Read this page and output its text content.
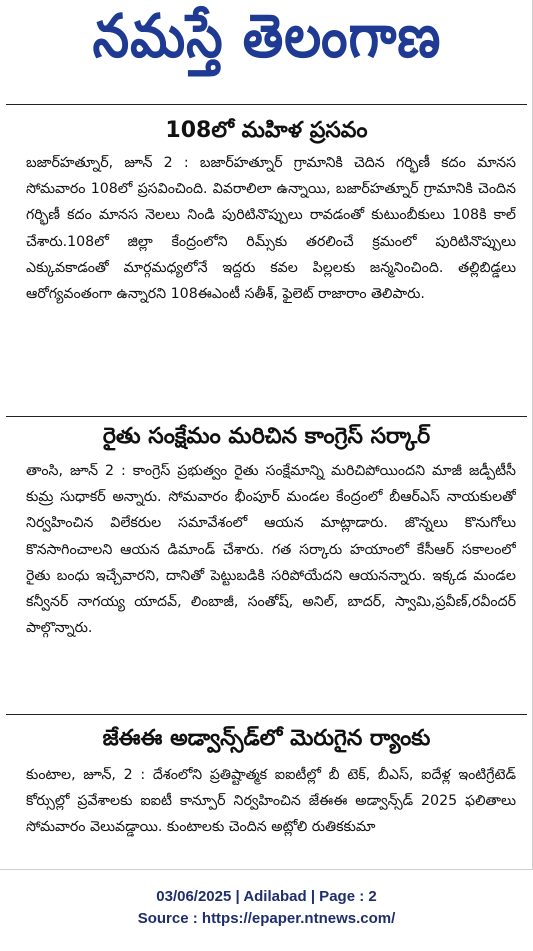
నమస్తే తెలంగాణ
108లో మహిళ ప్రసవం

బజార్‌హత్నూర్, జూన్ 2 : బజార్‌హత్నూర్ గ్రామానికి చెదిన గర్భిణీ కదం మానస సోమవారం 108లో ప్రసవించింది. వివరాలిలా ఉన్నాయి, బజార్‌హత్నూర్ గ్రామానికి చెందిన గర్భిణీ కదం మానస నెలలు నిండి పురిటినొప్పులు రావడంతో కుటుంబీకులు 108కి కాల్ చేశారు.108లో జిల్లా కేంద్రంలోని రిమ్స్‌కు తరలించే క్రమంలో పురిటినొప్పులు ఎక్కువకాడంతో మార్గమధ్యలోనే ఇద్దరు కవల పిల్లలకు జన్మనించింది. తల్లిబిడ్డలు ఆరోగ్యవంతంగా ఉన్నారని 108ఈఎంటీ సతీశ్, ఫైలెట్ రాజారాం తెలిపారు.

రైతు సంక్షేమం మరిచిన కాంగ్రెస్ సర్కార్

తాంసి, జూన్ 2 : కాంగ్రెస్ ప్రభుత్వం రైతు సంక్షేమాన్ని మరిచిపోయిందని మాజీ జడ్పీటీసీ కుమ్ర సుధాకర్ అన్నారు. సోమవారం భీంపూర్ మండల కేంద్రంలో బీఆర్ఎస్ నాయకులతో నిర్వహించిన విలేకరుల సమావేశంలో ఆయన మాట్లాడారు. జొన్నలు కొనుగోలు కొనసాగించాలని ఆయన డిమాండ్ చేశారు. గత సర్కారు హయాంలో కేసీఆర్ సకాలంలో రైతు బంధు ఇచ్చేవారని, దానితో పెట్టుబడికి సరిపోయేదని ఆయనన్నారు. ఇక్కడ మండల కన్వీనర్ నాగయ్య యాదవ్, లింబాజీ, సంతోష్, అనిల్, బాదర్, స్వామి,ప్రవీణ్,రవీందర్ పాల్గొన్నారు.

జేఈఈ అడ్వాన్స్‌డ్‌లో మెరుగైన ర్యాంకు

కుంటాల, జూన్, 2 : దేశంలోని ప్రతిష్టాత్మక ఐఐటీల్లో బీ టెక్, బీఎస్, ఐదేళ్ల ఇంటిగ్రేటెడ్ కోర్సుల్లో ప్రవేశాలకు ఐఐటీ కాన్పూర్ నిర్వహించిన జేఈఈ అడ్వాన్స్‌డ్ 2025 ఫలితాలు సోమవారం వెలువడ్డాయి. కుంటాలకు చెందిన అట్లోలి రుతికకుమా

03/06/2025 | Adilabad | Page : 2
Source : https://epaper.ntnews.com/
